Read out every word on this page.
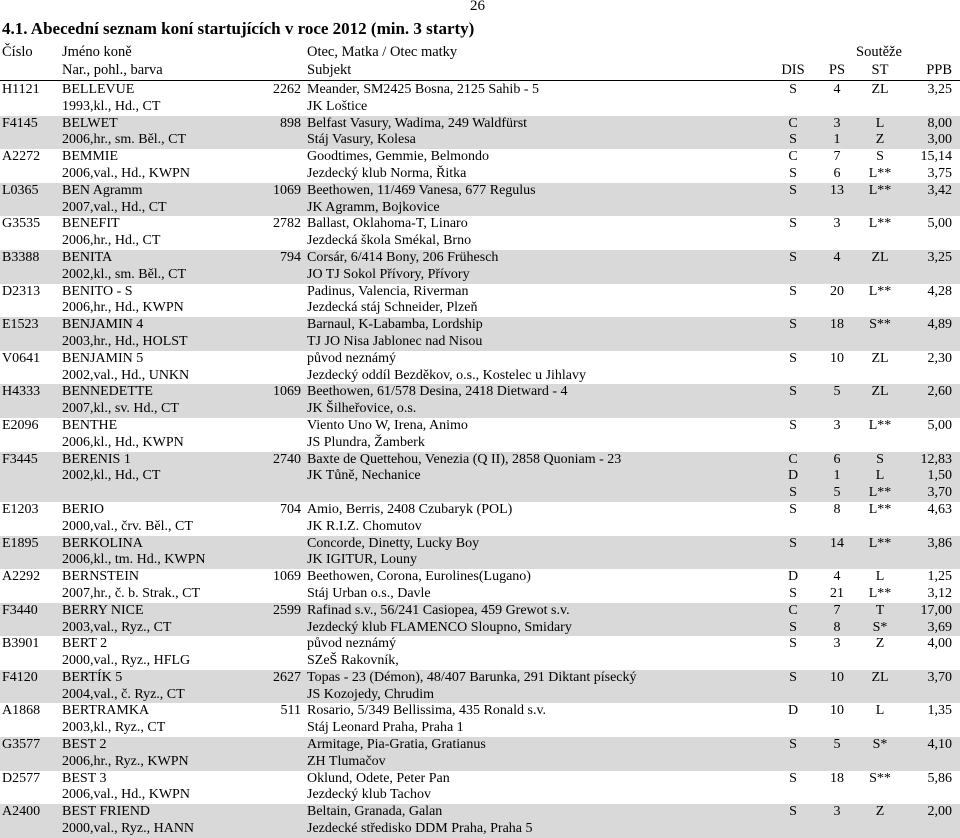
26
4.1. Abecední seznam koní startujících v roce 2012 (min. 3 starty)
Číslo Jméno koně	Otec, Matka / Otec matky	Soutěže
Nar., pohl., barva	Subjekt	DIS	PS	ST	PPB
H1121 BELLEVUE	2262 Meander, SM2425 Bosna, 2125 Sahib - 5	S	4	ZL	3,25
1993,kl., Hd., CT	JK Loštice
F4145 BELWET	898 Belfast Vasury, Wadima, 249 Waldfürst	C	3	L	8,00
2006,hr., sm. Běl., CT	Stáj Vasury, Kolesa	S	1	Z	3,00
A2272 BEMMIE	Goodtimes, Gemmie, Belmondo	C	7	S	15,14
2006,val., Hd., KWPN	Jezdecký klub Norma, Řitka	S	6	L**	3,75
L0365 BEN Agramm	1069 Beethowen, 11/469 Vanesa, 677 Regulus	S	13	L**	3,42
2007,val., Hd., CT	JK Agramm, Bojkovice
G3535 BENEFIT	2782 Ballast, Oklahoma-T, Linaro	S	3	L**	5,00
2006,hr., Hd., CT	Jezdecká škola Smékal, Brno
B3388 BENITA	794 Corsár, 6/414 Bony, 206 Frühesch	S	4	ZL	3,25
2002,kl., sm. Běl., CT	JO TJ Sokol Přívory, Přívory
D2313 BENITO - S	Padinus, Valencia, Riverman	S	20	L**	4,28
2006,hr., Hd., KWPN	Jezdecká stáj Schneider, Plzeň
E1523 BENJAMIN 4	Barnaul, K-Labamba, Lordship	S	18	S**	4,89
2003,hr., Hd., HOLST	TJ JO Nisa Jablonec nad Nisou
V0641 BENJAMIN 5	původ neznámý	S	10	ZL	2,30
2002,val., Hd., UNKN	Jezdecký oddíl Bezděkov, o.s., Kostelec u Jihlavy
H4333 BENNEDETTE	1069 Beethowen, 61/578 Desina, 2418 Dietward - 4	S	5	ZL	2,60
2007,kl., sv. Hd., CT	JK Šilheřovice, o.s.
E2096 BENTHE	Viento Uno W, Irena, Animo	S	3	L**	5,00
2006,kl., Hd., KWPN	JS Plundra, Žamberk
F3445 BERENIS 1	2740 Baxte de Quettehou, Venezia (Q II), 2858 Quoniam - 23	C	6	S	12,83
2002,kl., Hd., CT	JK Tůně, Nechanice	D	1	L	1,50
S	5	L**	3,70
E1203 BERIO	704 Amio, Berris, 2408 Czubaryk (POL)	S	8	L**	4,63
2000,val., črv. Běl., CT	JK R.I.Z. Chomutov
E1895 BERKOLINA	Concorde, Dinetty, Lucky Boy	S	14	L**	3,86
2006,kl., tm. Hd., KWPN	JK IGITUR, Louny
A2292 BERNSTEIN	1069 Beethowen, Corona, Eurolines(Lugano)	D	4	L	1,25
2007,hr., č. b. Strak., CT	Stáj Urban o.s., Davle	S	21	L**	3,12
F3440 BERRY NICE	2599 Rafinad s.v., 56/241 Casiopea, 459 Grewot s.v.	C	7	T	17,00
2003,val., Ryz., CT	Jezdecký klub FLAMENCO Sloupno, Smidary	S	8	S*	3,69
B3901 BERT 2	původ neznámý	S	3	Z	4,00
2000,val., Ryz., HFLG	SZeŠ Rakovník,
F4120 BERTÍK 5	2627 Topas - 23 (Démon), 48/407 Barunka, 291 Diktant písecký	S	10	ZL	3,70
2004,val., č. Ryz., CT	JS Kozojedy, Chrudim
A1868 BERTRAMKA	511 Rosario, 5/349 Bellissima, 435 Ronald s.v.	D	10	L	1,35
2003,kl., Ryz., CT	Stáj Leonard Praha, Praha 1
G3577 BEST 2	Armitage, Pia-Gratia, Gratianus	S	5	S*	4,10
2006,hr., Ryz., KWPN	ZH Tlumačov
D2577 BEST 3	Oklund, Odete, Peter Pan	S	18	S**	5,86
2006,val., Hd., KWPN	Jezdecký klub Tachov
A2400 BEST FRIEND	Beltain, Granada, Galan	S	3	Z	2,00
2000,val., Ryz., HANN	Jezdecké středisko DDM Praha, Praha 5
